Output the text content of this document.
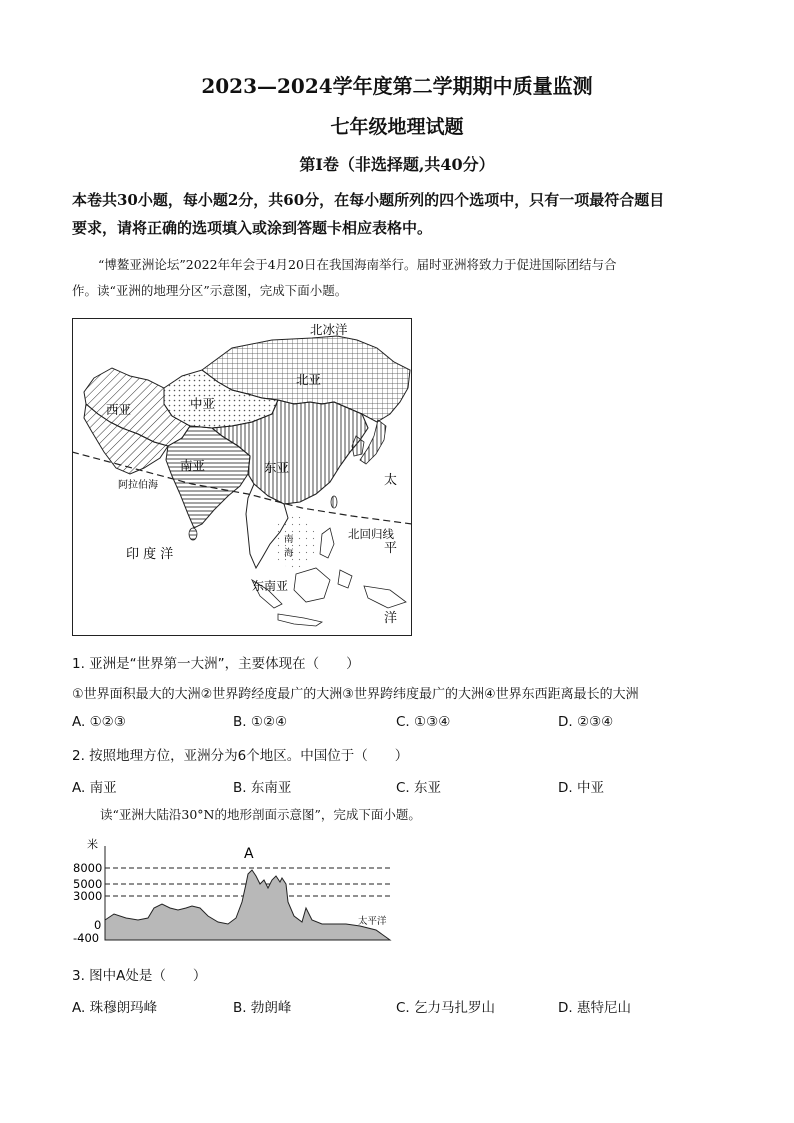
2023—2024学年度第二学期期中质量监测
七年级地理试题
第Ⅰ卷（非选择题,共40分）
本卷共30小题，每小题2分，共60分，在每小题所列的四个选项中，只有一项最符合题目
要求，请将正确的选项填入或涂到答题卡相应表格中。
“博鳌亚洲论坛”2022年年会于4月20日在我国海南举行。届时亚洲将致力于促进国际团结与合
作。读“亚洲的地理分区”示意图，完成下面小题。
北冰洋
北亚
中亚
西亚
南亚	东亚
阿拉伯海
北回归线
印 度 洋
南
海
东南亚
太
平
洋
1. 亚洲是“世界第一大洲”，主要体现在（　　）
①世界面积最大的大洲②世界跨经度最广的大洲③世界跨纬度最广的大洲④世界东西距离最长的大洲
A. ①②③	B. ①②④	C. ①③④	D. ②③④
2. 按照地理方位，亚洲分为6个地区。中国位于（　　）
A. 南亚	B. 东南亚	C. 东亚	D. 中亚
读“亚洲大陆沿30°N的地形剖面示意图”，完成下面小题。
米
8000
5000
3000
0
-400
A
太平洋
3. 图中A处是（　　）
A. 珠穆朗玛峰	B. 勃朗峰	C. 乞力马扎罗山	D. 惠特尼山
